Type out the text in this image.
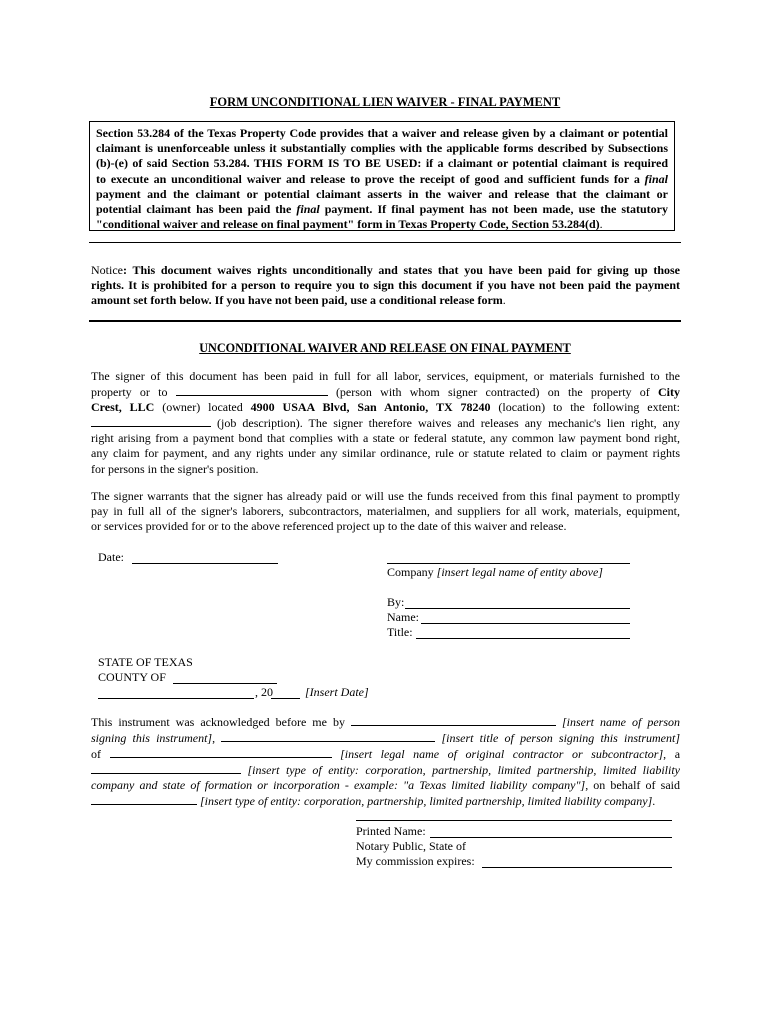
FORM UNCONDITIONAL LIEN WAIVER - FINAL PAYMENT
Section 53.284 of the Texas Property Code provides that a waiver and release given by a claimant or potential
claimant is unenforceable unless it substantially complies with the applicable forms described by Subsections
(b)-(e) of said Section 53.284. THIS FORM IS TO BE USED: if a claimant or potential claimant is required
to execute an unconditional waiver and release to prove the receipt of good and sufficient funds for a final
payment and the claimant or potential claimant asserts in the waiver and release that the claimant or
potential claimant has been paid the final payment. If final payment has not been made, use the statutory
"conditional waiver and release on final payment" form in Texas Property Code, Section 53.284(d).
Notice: This document waives rights unconditionally and states that you have been paid for giving up those
rights. It is prohibited for a person to require you to sign this document if you have not been paid the payment
amount set forth below. If you have not been paid, use a conditional release form.
UNCONDITIONAL WAIVER AND RELEASE ON FINAL PAYMENT
The signer of this document has been paid in full for all labor, services, equipment, or materials furnished to the
property or to	(person with whom signer contracted) on the property of City
Crest, LLC (owner) located 4900 USAA Blvd, San Antonio, TX 78240 (location) to the following extent:
(job description). The signer therefore waives and releases any mechanic's lien right, any
right arising from a payment bond that complies with a state or federal statute, any common law payment bond right,
any claim for payment, and any rights under any similar ordinance, rule or statute related to claim or payment rights
for persons in the signer's position.
The signer warrants that the signer has already paid or will use the funds received from this final payment to promptly
pay in full all of the signer's laborers, subcontractors, materialmen, and suppliers for all work, materials, equipment,
or services provided for or to the above referenced project up to the date of this waiver and release.
Date:
Company [insert legal name of entity above]
By:
Name:
Title:
STATE OF TEXAS
COUNTY OF
, 20	[Insert Date]
This instrument was acknowledged before me by	[insert name of person
signing this instrument],	[insert title of person signing this instrument]
of	[insert legal name of original contractor or subcontractor], a
[insert type of entity: corporation, partnership, limited partnership, limited liability
company and state of formation or incorporation - example: "a Texas limited liability company"], on behalf of said
[insert type of entity: corporation, partnership, limited partnership, limited liability company].
Printed Name:
Notary Public, State of
My commission expires:
